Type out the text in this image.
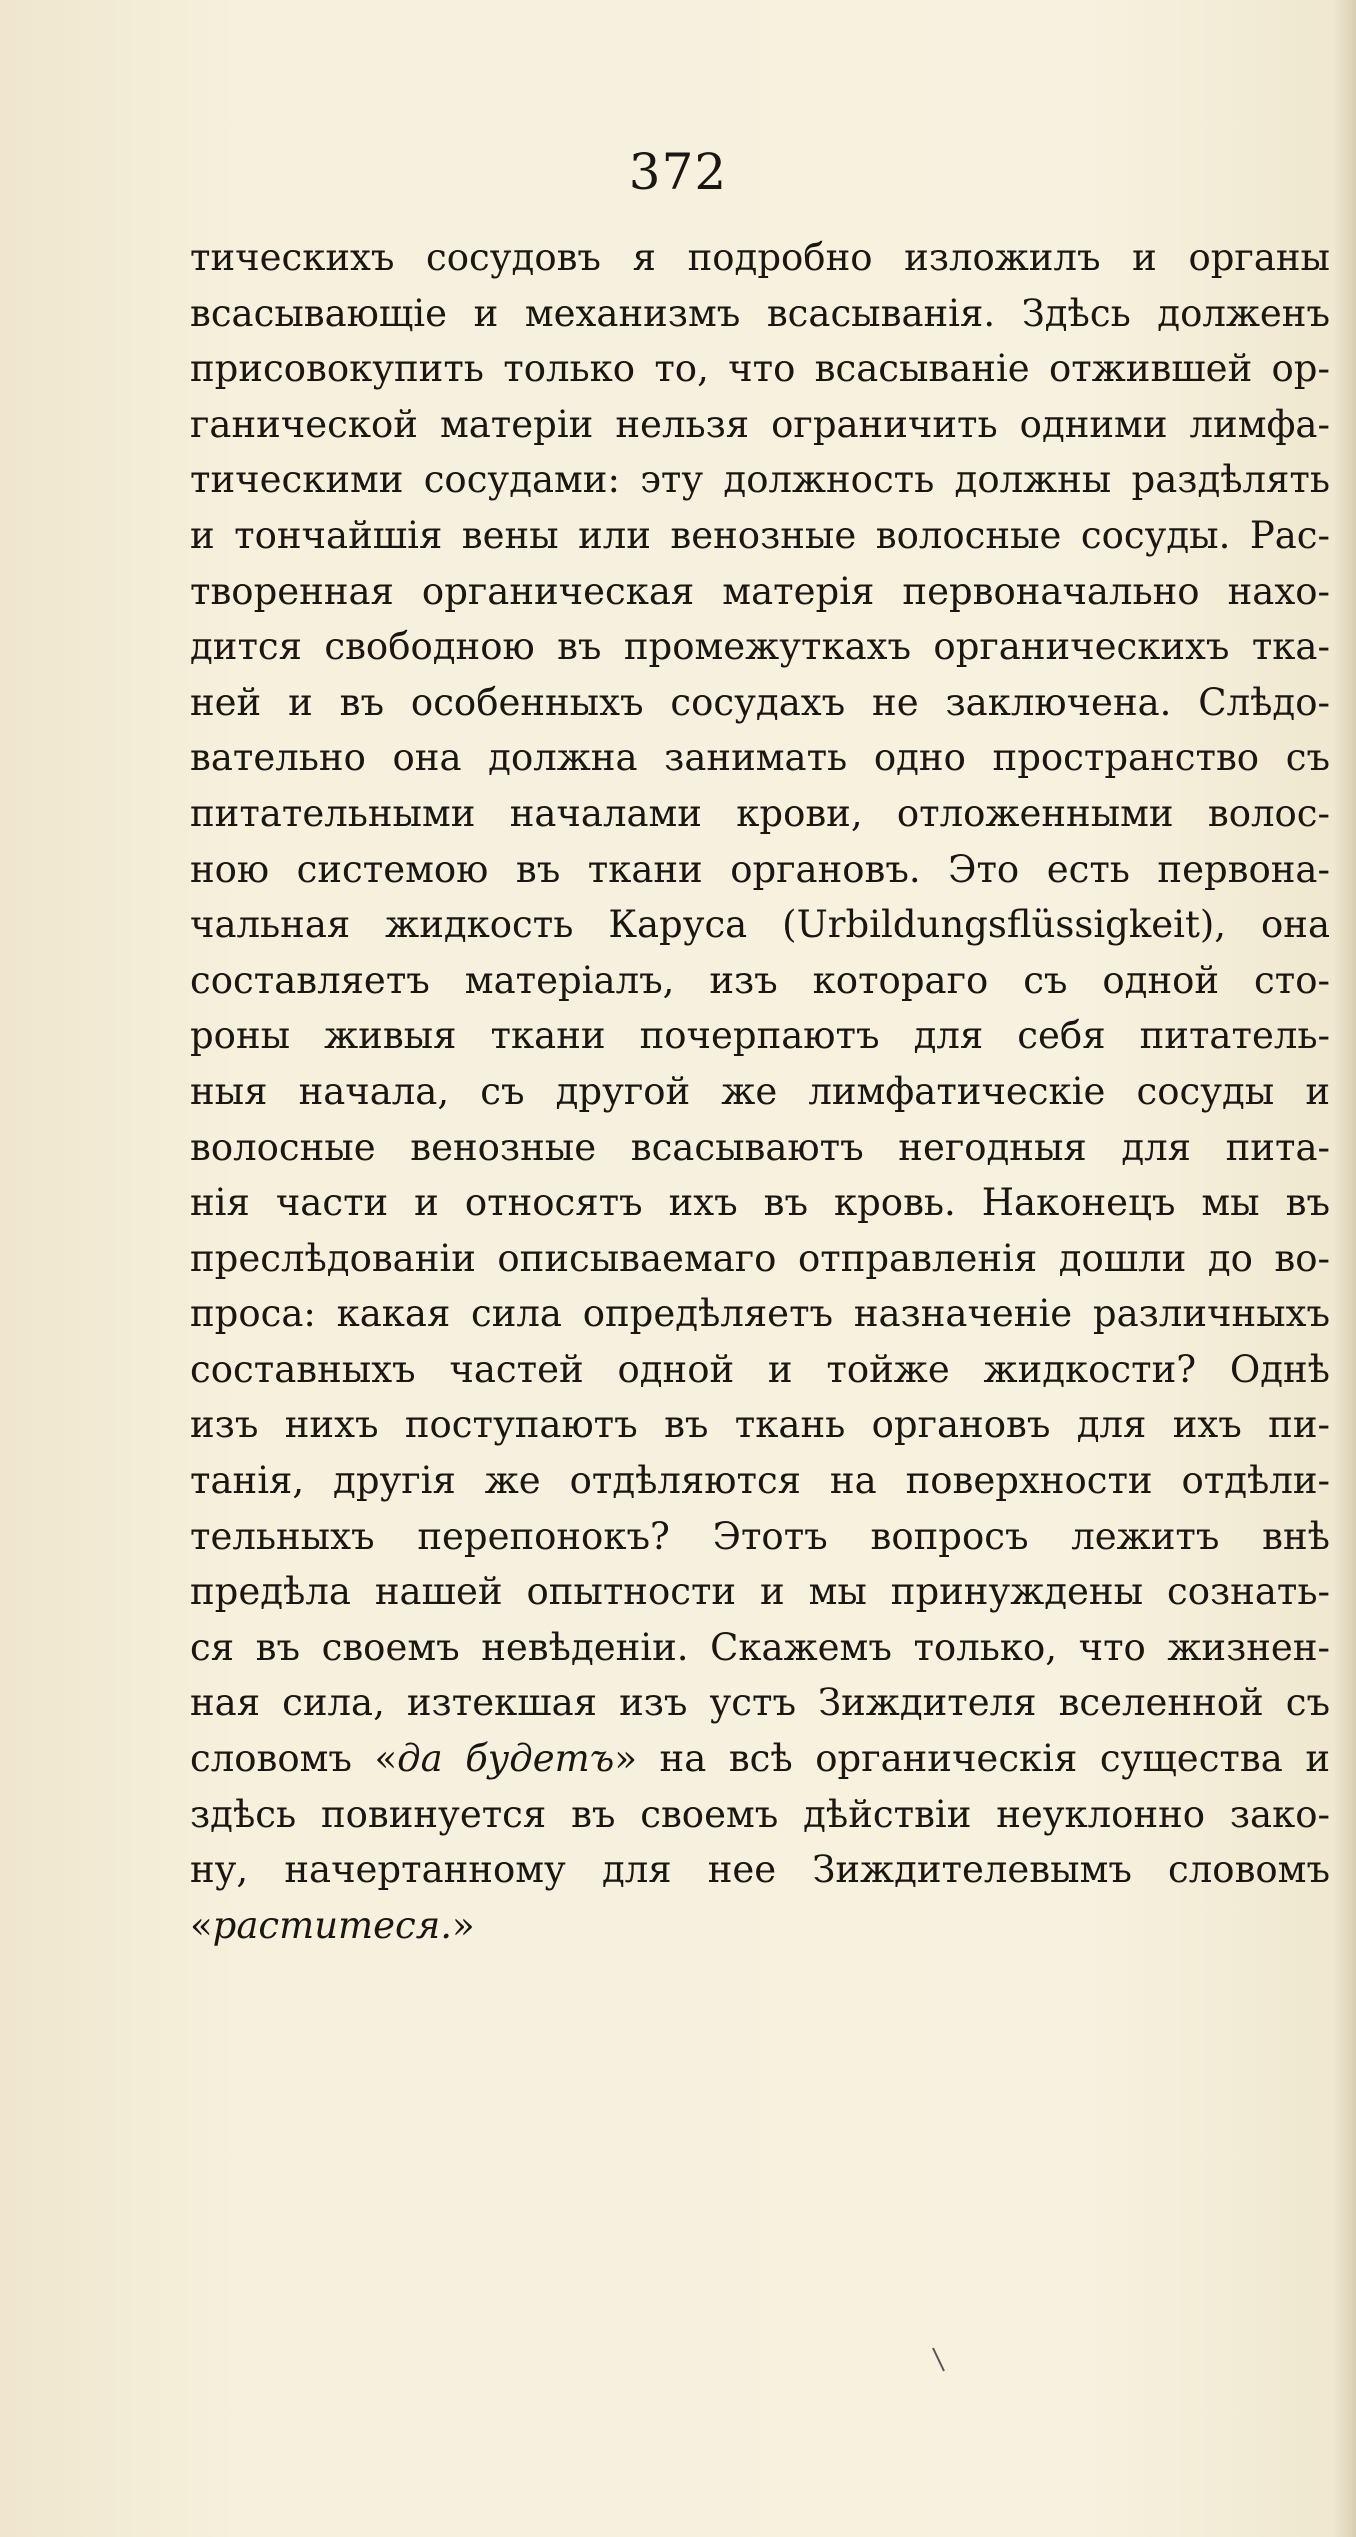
372
тическихъ сосудовъ я подробно изложилъ и органы
всасывающіе и механизмъ всасыванія. Здѣсь долженъ
присовокупить только то, что всасываніе отжившей ор-
ганической матеріи нельзя ограничить одними лимфа-
тическими сосудами: эту должность должны раздѣлять
и тончайшія вены или венозные волосные сосуды. Рас-
творенная органическая матерія первоначально нахо-
дится свободною въ промежуткахъ органическихъ тка-
ней и въ особенныхъ сосудахъ не заключена. Слѣдо-
вательно она должна занимать одно пространство съ
питательными началами крови, отложенными волос-
ною системою въ ткани органовъ. Это есть первона-
чальная жидкость Каруса (Urbildungsflüssigkeit), она
составляетъ матеріалъ, изъ котораго съ одной сто-
роны живыя ткани почерпаютъ для себя питатель-
ныя начала, съ другой же лимфатическіе сосуды и
волосные венозные всасываютъ негодныя для пита-
нія части и относятъ ихъ въ кровь. Наконецъ мы въ
преслѣдованіи описываемаго отправленія дошли до во-
проса: какая сила опредѣляетъ назначеніе различныхъ
составныхъ частей одной и тойже жидкости? Однѣ
изъ нихъ поступаютъ въ ткань органовъ для ихъ пи-
танія, другія же отдѣляются на поверхности отдѣли-
тельныхъ перепонокъ? Этотъ вопросъ лежитъ внѣ
предѣла нашей опытности и мы принуждены сознать-
ся въ своемъ невѣденіи. Скажемъ только, что жизнен-
ная сила, изтекшая изъ устъ Зиждителя вселенной съ
словомъ «да будетъ» на всѣ органическія существа и
здѣсь повинуется въ своемъ дѣйствіи неуклонно зако-
ну, начертанному для нее Зиждителевымъ словомъ
«раститеся.»
